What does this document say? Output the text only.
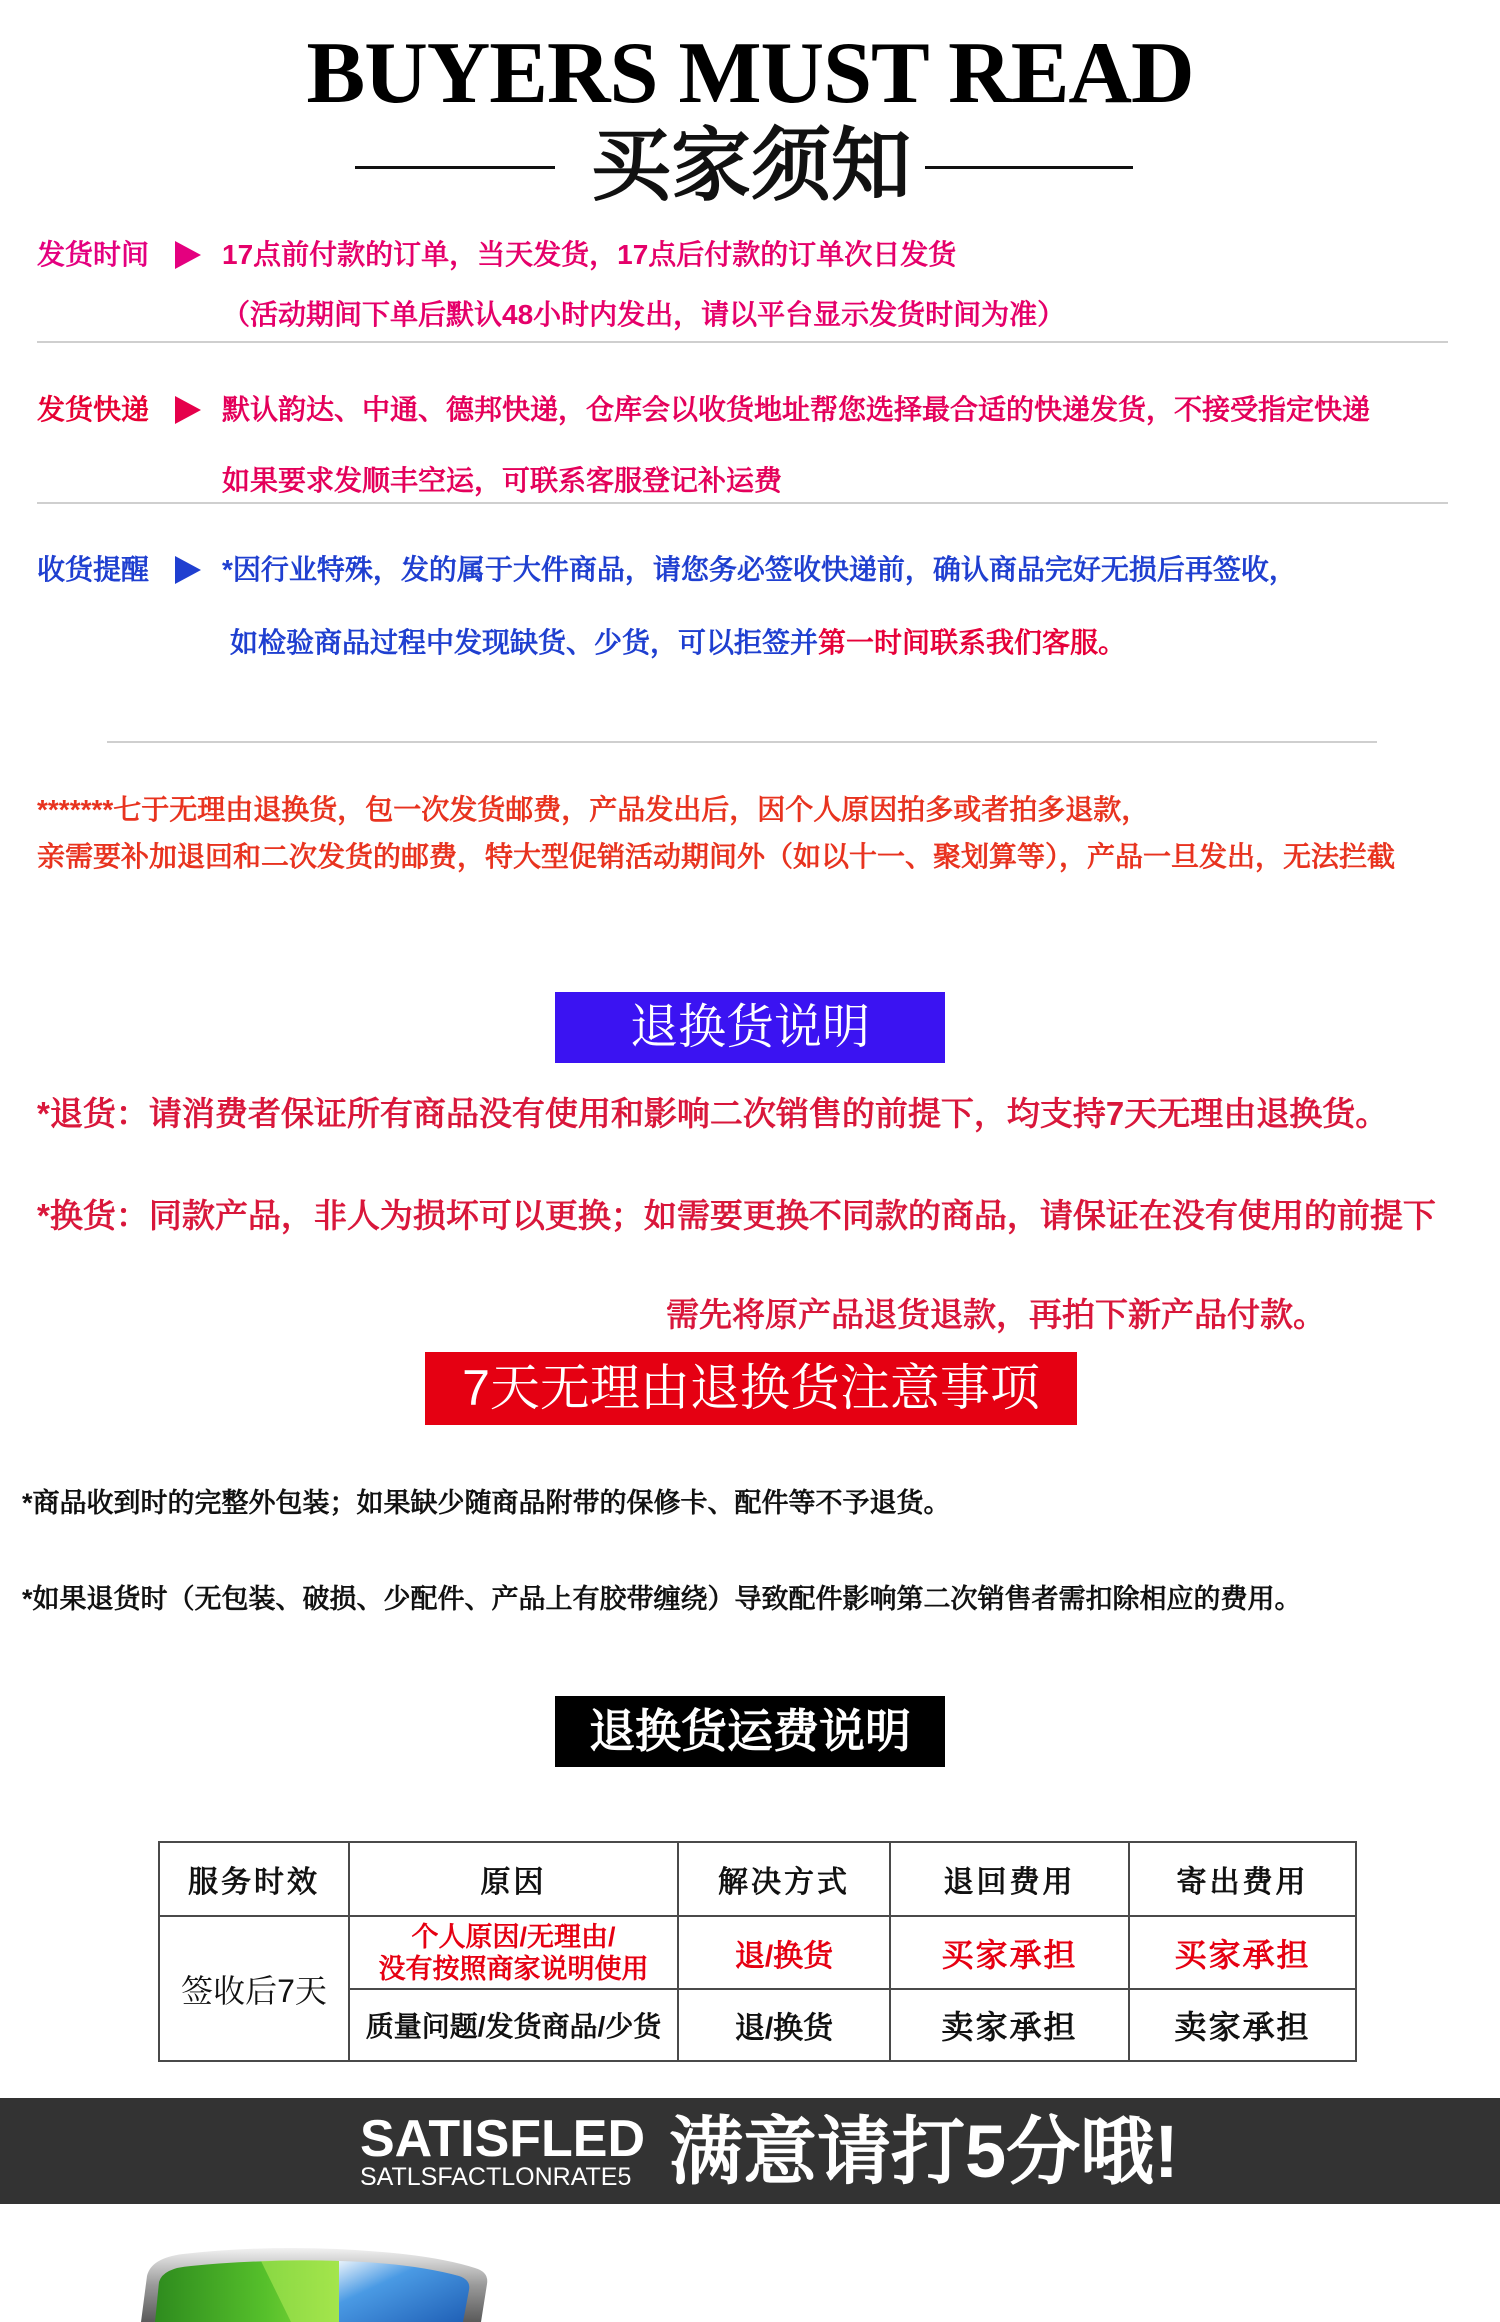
BUYERS MUST READ
买家须知
发货时间	17点前付款的订单，当天发货，17点后付款的订单次日发货
（活动期间下单后默认48小时内发出，请以平台显示发货时间为准）
发货快递	默认韵达、中通、德邦快递，仓库会以收货地址帮您选择最合适的快递发货，不接受指定快递
如果要求发顺丰空运，可联系客服登记补运费
收货提醒	*因行业特殊，发的属于大件商品，请您务必签收快递前，确认商品完好无损后再签收，
如检验商品过程中发现缺货、少货，可以拒签并第一时间联系我们客服。
*******七于无理由退换货，包一次发货邮费，产品发出后，因个人原因拍多或者拍多退款，
亲需要补加退回和二次发货的邮费，特大型促销活动期间外（如以十一、聚划算等），产品一旦发出，无法拦截
退换货说明
*退货：请消费者保证所有商品没有使用和影响二次销售的前提下，均支持7天无理由退换货。
*换货：同款产品，非人为损坏可以更换；如需要更换不同款的商品，请保证在没有使用的前提下
需先将原产品退货退款，再拍下新产品付款。
7天无理由退换货注意事项
*商品收到时的完整外包装；如果缺少随商品附带的保修卡、配件等不予退货。
*如果退货时（无包装、破损、少配件、产品上有胶带缠绕）导致配件影响第二次销售者需扣除相应的费用。
退换货运费说明
服务时效	原因	解决方式	退回费用	寄出费用
签收后7天	个人原因/无理由/
没有按照商家说明使用	退/换货	买家承担	买家承担
	质量问题/发货商品/少货	退/换货	卖家承担	卖家承担
SATISFLED
SATLSFACTLONRATE5 满意请打5分哦!
